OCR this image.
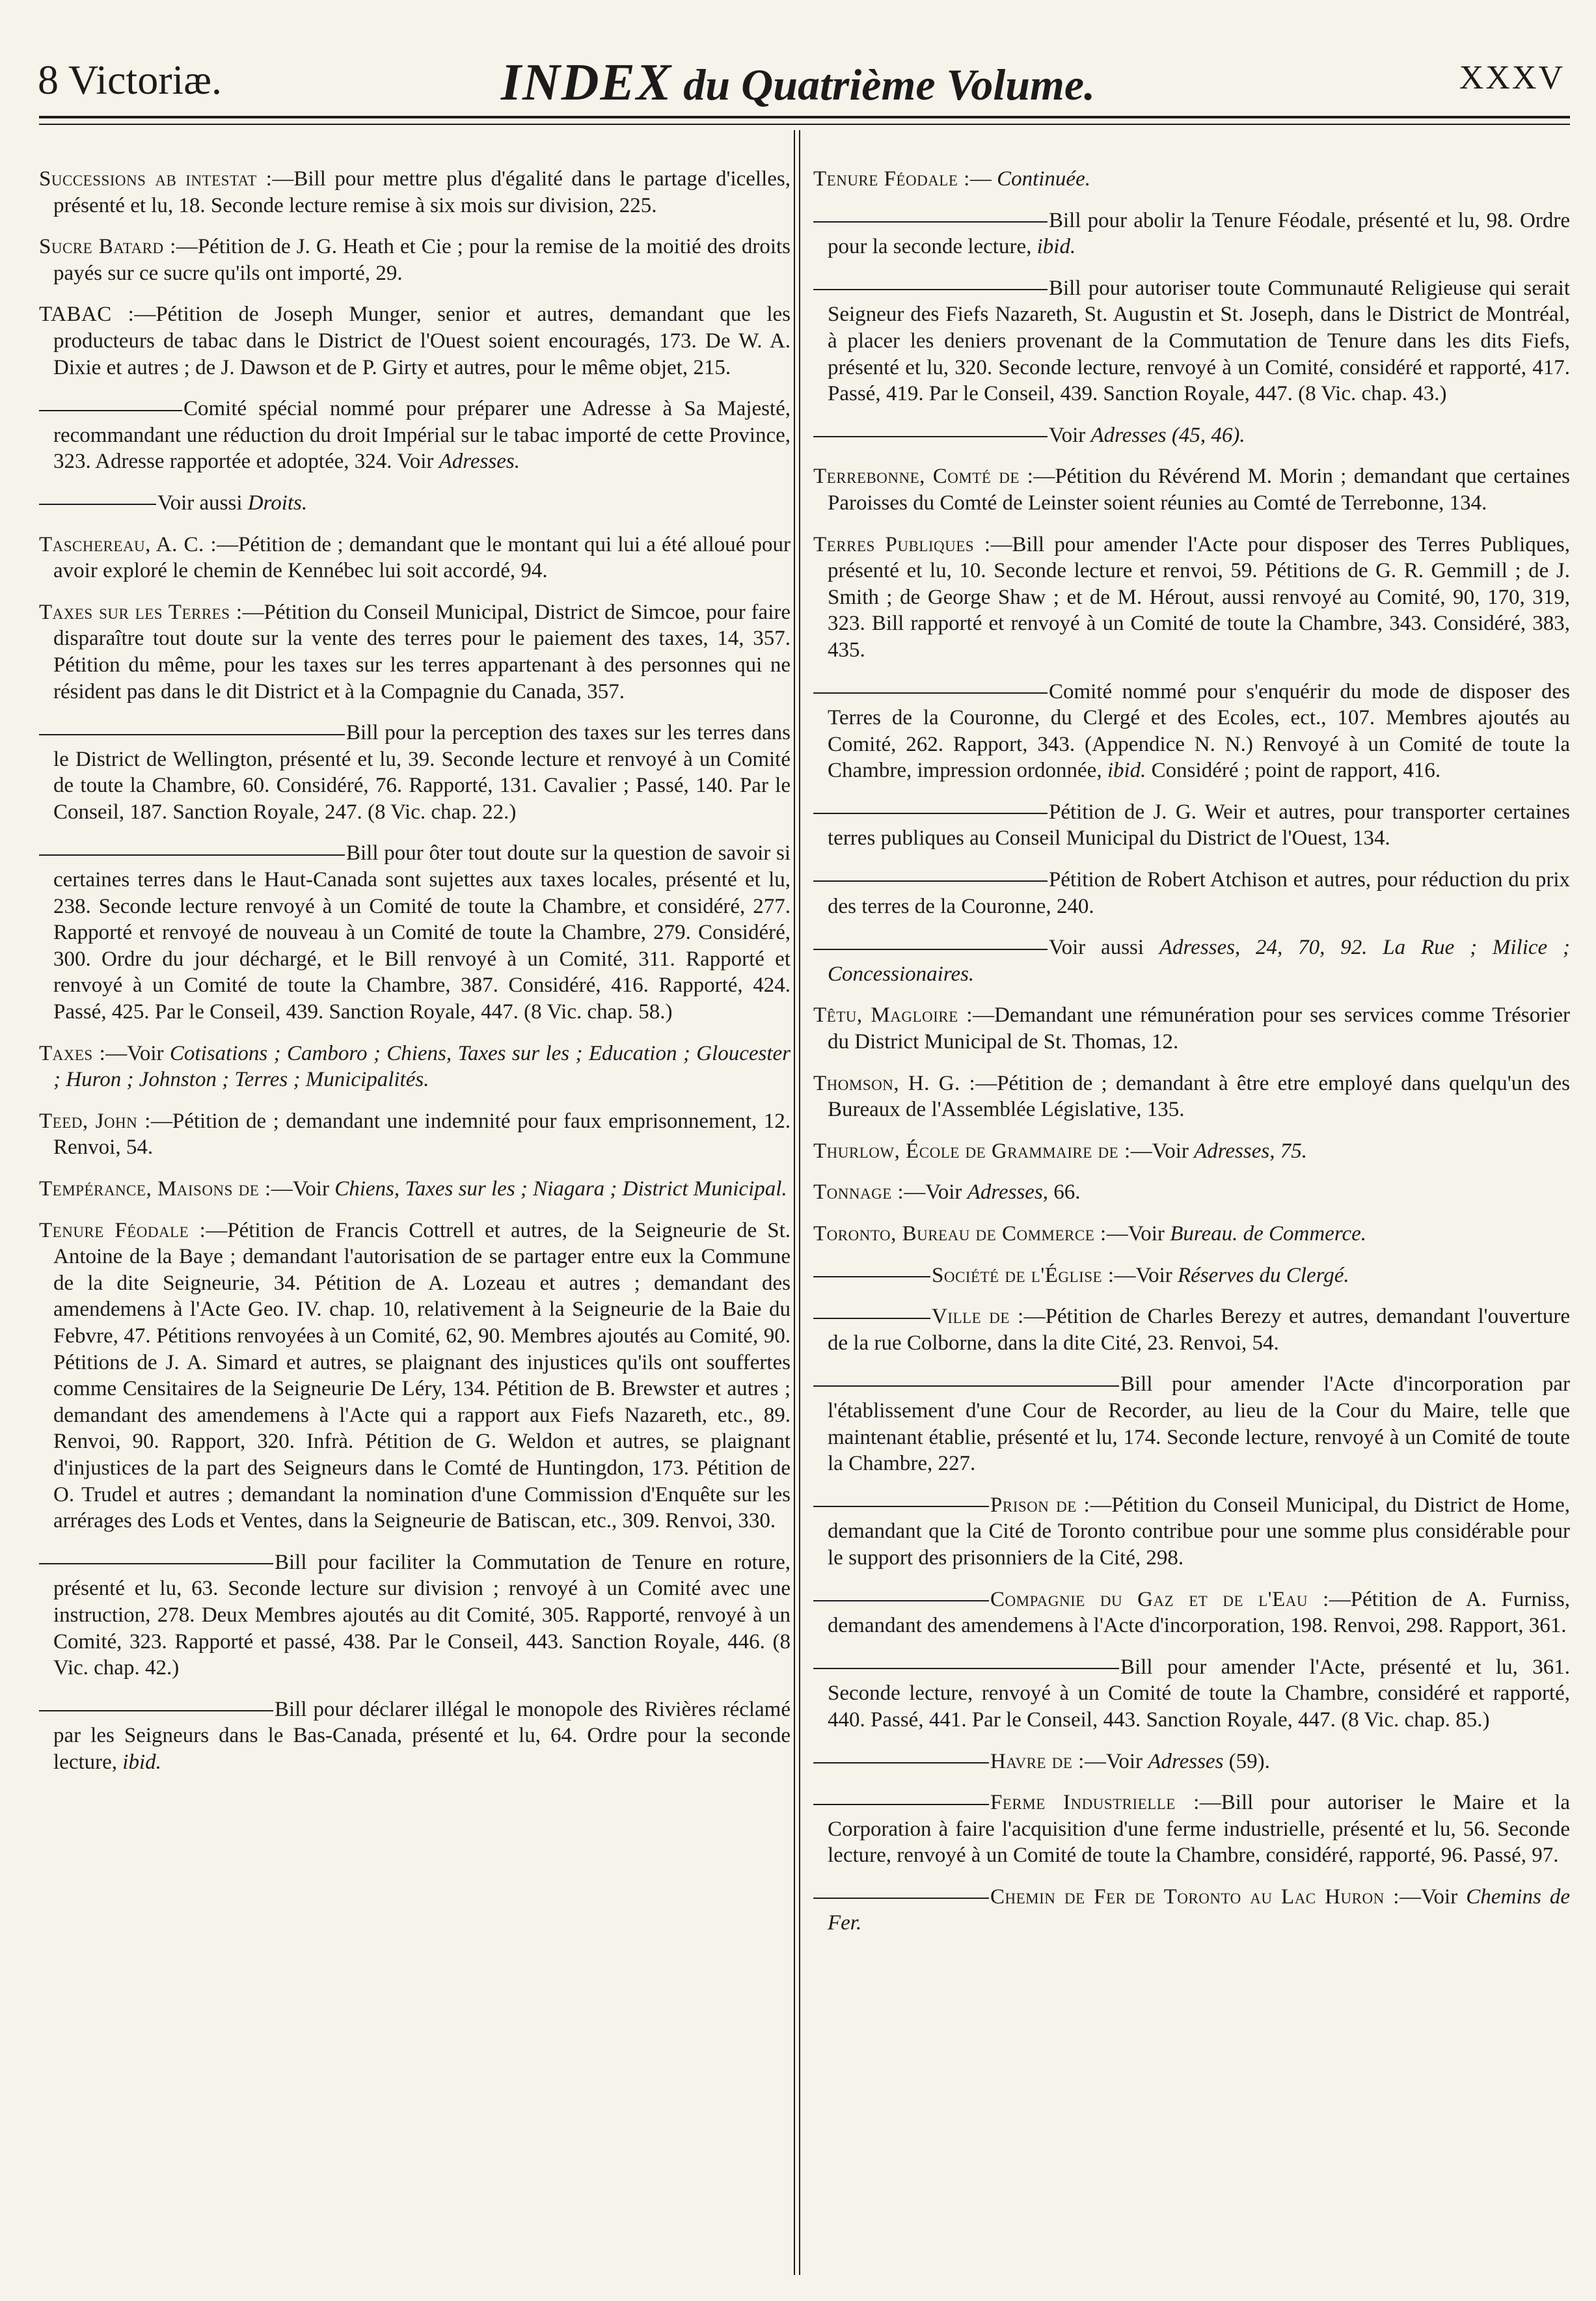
8 Victoriæ.	INDEX du Quatrième Volume.	XXXV

Successions ab intestat :—Bill pour mettre plus d'égalité dans le partage d'icelles, présenté et lu, 18. Seconde lecture remise à six mois sur division, 225.

Sucre Batard :—Pétition de J. G. Heath et Cie ; pour la remise de la moitié des droits payés sur ce sucre qu'ils ont importé, 29.

TABAC :—Pétition de Joseph Munger, senior et autres, demandant que les producteurs de tabac dans le District de l'Ouest soient encouragés, 173. De W. A. Dixie et autres ; de J. Dawson et de P. Girty et autres, pour le même objet, 215.

Comité spécial nommé pour préparer une Adresse à Sa Majesté, recommandant une réduction du droit Impérial sur le tabac importé de cette Province, 323. Adresse rapportée et adoptée, 324. Voir Adresses.

Voir aussi Droits.

Taschereau, A. C. :—Pétition de ; demandant que le montant qui lui a été alloué pour avoir exploré le chemin de Kennébec lui soit accordé, 94.

Taxes sur les Terres :—Pétition du Conseil Municipal, District de Simcoe, pour faire disparaître tout doute sur la vente des terres pour le paiement des taxes, 14, 357. Pétition du même, pour les taxes sur les terres appartenant à des personnes qui ne résident pas dans le dit District et à la Compagnie du Canada, 357.

Bill pour la perception des taxes sur les terres dans le District de Wellington, présenté et lu, 39. Seconde lecture et renvoyé à un Comité de toute la Chambre, 60. Considéré, 76. Rapporté, 131. Cavalier ; Passé, 140. Par le Conseil, 187. Sanction Royale, 247. (8 Vic. chap. 22.)

Bill pour ôter tout doute sur la question de savoir si certaines terres dans le Haut-Canada sont sujettes aux taxes locales, présenté et lu, 238. Seconde lecture renvoyé à un Comité de toute la Chambre, et considéré, 277. Rapporté et renvoyé de nouveau à un Comité de toute la Chambre, 279. Considéré, 300. Ordre du jour déchargé, et le Bill renvoyé à un Comité, 311. Rapporté et renvoyé à un Comité de toute la Chambre, 387. Considéré, 416. Rapporté, 424. Passé, 425. Par le Conseil, 439. Sanction Royale, 447. (8 Vic. chap. 58.)

Taxes :—Voir Cotisations ; Camboro ; Chiens, Taxes sur les ; Education ; Gloucester ; Huron ; Johnston ; Terres ; Municipalités.

Teed, John :—Pétition de ; demandant une indemnité pour faux emprisonnement, 12. Renvoi, 54.

Tempérance, Maisons de :—Voir Chiens, Taxes sur les ; Niagara ; District Municipal.

Tenure Féodale :—Pétition de Francis Cottrell et autres, de la Seigneurie de St. Antoine de la Baye ; demandant l'autorisation de se partager entre eux la Commune de la dite Seigneurie, 34. Pétition de A. Lozeau et autres ; demandant des amendemens à l'Acte Geo. IV. chap. 10, relativement à la Seigneurie de la Baie du Febvre, 47. Pétitions renvoyées à un Comité, 62, 90. Membres ajoutés au Comité, 90. Pétitions de J. A. Simard et autres, se plaignant des injustices qu'ils ont souffertes comme Censitaires de la Seigneurie De Léry, 134. Pétition de B. Brewster et autres ; demandant des amendemens à l'Acte qui a rapport aux Fiefs Nazareth, etc., 89. Renvoi, 90. Rapport, 320. Infrà. Pétition de G. Weldon et autres, se plaignant d'injustices de la part des Seigneurs dans le Comté de Huntingdon, 173. Pétition de O. Trudel et autres ; demandant la nomination d'une Commission d'Enquête sur les arrérages des Lods et Ventes, dans la Seigneurie de Batiscan, etc., 309. Renvoi, 330.

Bill pour faciliter la Commutation de Tenure en roture, présenté et lu, 63. Seconde lecture sur division ; renvoyé à un Comité avec une instruction, 278. Deux Membres ajoutés au dit Comité, 305. Rapporté, renvoyé à un Comité, 323. Rapporté et passé, 438. Par le Conseil, 443. Sanction Royale, 446. (8 Vic. chap. 42.)

Bill pour déclarer illégal le monopole des Rivières réclamé par les Seigneurs dans le Bas-Canada, présenté et lu, 64. Ordre pour la seconde lecture, ibid.

Tenure Féodale :— Continuée.

Bill pour abolir la Tenure Féodale, présenté et lu, 98. Ordre pour la seconde lecture, ibid.

Bill pour autoriser toute Communauté Religieuse qui serait Seigneur des Fiefs Nazareth, St. Augustin et St. Joseph, dans le District de Montréal, à placer les deniers provenant de la Commutation de Tenure dans les dits Fiefs, présenté et lu, 320. Seconde lecture, renvoyé à un Comité, considéré et rapporté, 417. Passé, 419. Par le Conseil, 439. Sanction Royale, 447. (8 Vic. chap. 43.)

Voir Adresses (45, 46).

Terrebonne, Comté de :—Pétition du Révérend M. Morin ; demandant que certaines Paroisses du Comté de Leinster soient réunies au Comté de Terrebonne, 134.

Terres Publiques :—Bill pour amender l'Acte pour disposer des Terres Publiques, présenté et lu, 10. Seconde lecture et renvoi, 59. Pétitions de G. R. Gemmill ; de J. Smith ; de George Shaw ; et de M. Hérout, aussi renvoyé au Comité, 90, 170, 319, 323. Bill rapporté et renvoyé à un Comité de toute la Chambre, 343. Considéré, 383, 435.

Comité nommé pour s'enquérir du mode de disposer des Terres de la Couronne, du Clergé et des Ecoles, ect., 107. Membres ajoutés au Comité, 262. Rapport, 343. (Appendice N. N.) Renvoyé à un Comité de toute la Chambre, impression ordonnée, ibid. Considéré ; point de rapport, 416.

Pétition de J. G. Weir et autres, pour transporter certaines terres publiques au Conseil Municipal du District de l'Ouest, 134.

Pétition de Robert Atchison et autres, pour réduction du prix des terres de la Couronne, 240.

Voir aussi Adresses, 24, 70, 92. La Rue ; Milice ; Concessionaires.

Têtu, Magloire :—Demandant une rémunération pour ses services comme Trésorier du District Municipal de St. Thomas, 12.

Thomson, H. G. :—Pétition de ; demandant à être etre employé dans quelqu'un des Bureaux de l'Assemblée Législative, 135.

Thurlow, École de Grammaire de :—Voir Adresses, 75.

Tonnage :—Voir Adresses, 66.

Toronto, Bureau de Commerce :—Voir Bureau. de Commerce.

Société de l'Église :—Voir Réserves du Clergé.

Ville de :—Pétition de Charles Berezy et autres, demandant l'ouverture de la rue Colborne, dans la dite Cité, 23. Renvoi, 54.

Bill pour amender l'Acte d'incorporation par l'établissement d'une Cour de Recorder, au lieu de la Cour du Maire, telle que maintenant établie, présenté et lu, 174. Seconde lecture, renvoyé à un Comité de toute la Chambre, 227.

Prison de :—Pétition du Conseil Municipal, du District de Home, demandant que la Cité de Toronto contribue pour une somme plus considérable pour le support des prisonniers de la Cité, 298.

Compagnie du Gaz et de l'Eau :—Pétition de A. Furniss, demandant des amendemens à l'Acte d'incorporation, 198. Renvoi, 298. Rapport, 361.

Bill pour amender l'Acte, présenté et lu, 361. Seconde lecture, renvoyé à un Comité de toute la Chambre, considéré et rapporté, 440. Passé, 441. Par le Conseil, 443. Sanction Royale, 447. (8 Vic. chap. 85.)

Havre de :—Voir Adresses (59).

Ferme Industrielle :—Bill pour autoriser le Maire et la Corporation à faire l'acquisition d'une ferme industrielle, présenté et lu, 56. Seconde lecture, renvoyé à un Comité de toute la Chambre, considéré, rapporté, 96. Passé, 97.

Chemin de Fer de Toronto au Lac Huron :—Voir Chemins de Fer.
